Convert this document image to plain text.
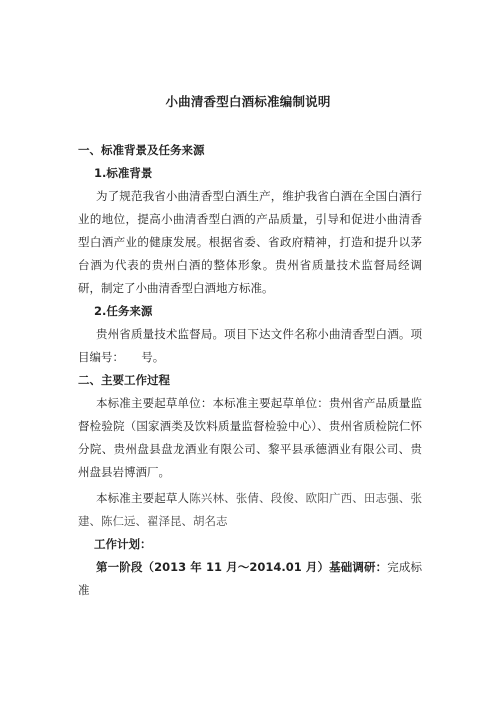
小曲清香型白酒标准编制说明

一、标准背景及任务来源

1.标准背景

为了规范我省小曲清香型白酒生产，维护我省白酒在全国白酒行业的地位，提高小曲清香型白酒的产品质量，引导和促进小曲清香型白酒产业的健康发展。根据省委、省政府精神，打造和提升以茅台酒为代表的贵州白酒的整体形象。贵州省质量技术监督局经调研，制定了小曲清香型白酒地方标准。

2.任务来源

贵州省质量技术监督局。项目下达文件名称小曲清香型白酒。项目编号：　　号。

二、主要工作过程

本标准主要起草单位：本标准主要起草单位：贵州省产品质量监督检验院（国家酒类及饮料质量监督检验中心）、贵州省质检院仁怀分院、贵州盘县盘龙酒业有限公司、黎平县承德酒业有限公司、贵州盘县岩博酒厂。

本标准主要起草人陈兴林、张倩、段俊、欧阳广西、田志强、张建、陈仁远、翟泽昆、胡名志

工作计划：

第一阶段（2013 年 11 月～2014.01 月）基础调研：完成标准
